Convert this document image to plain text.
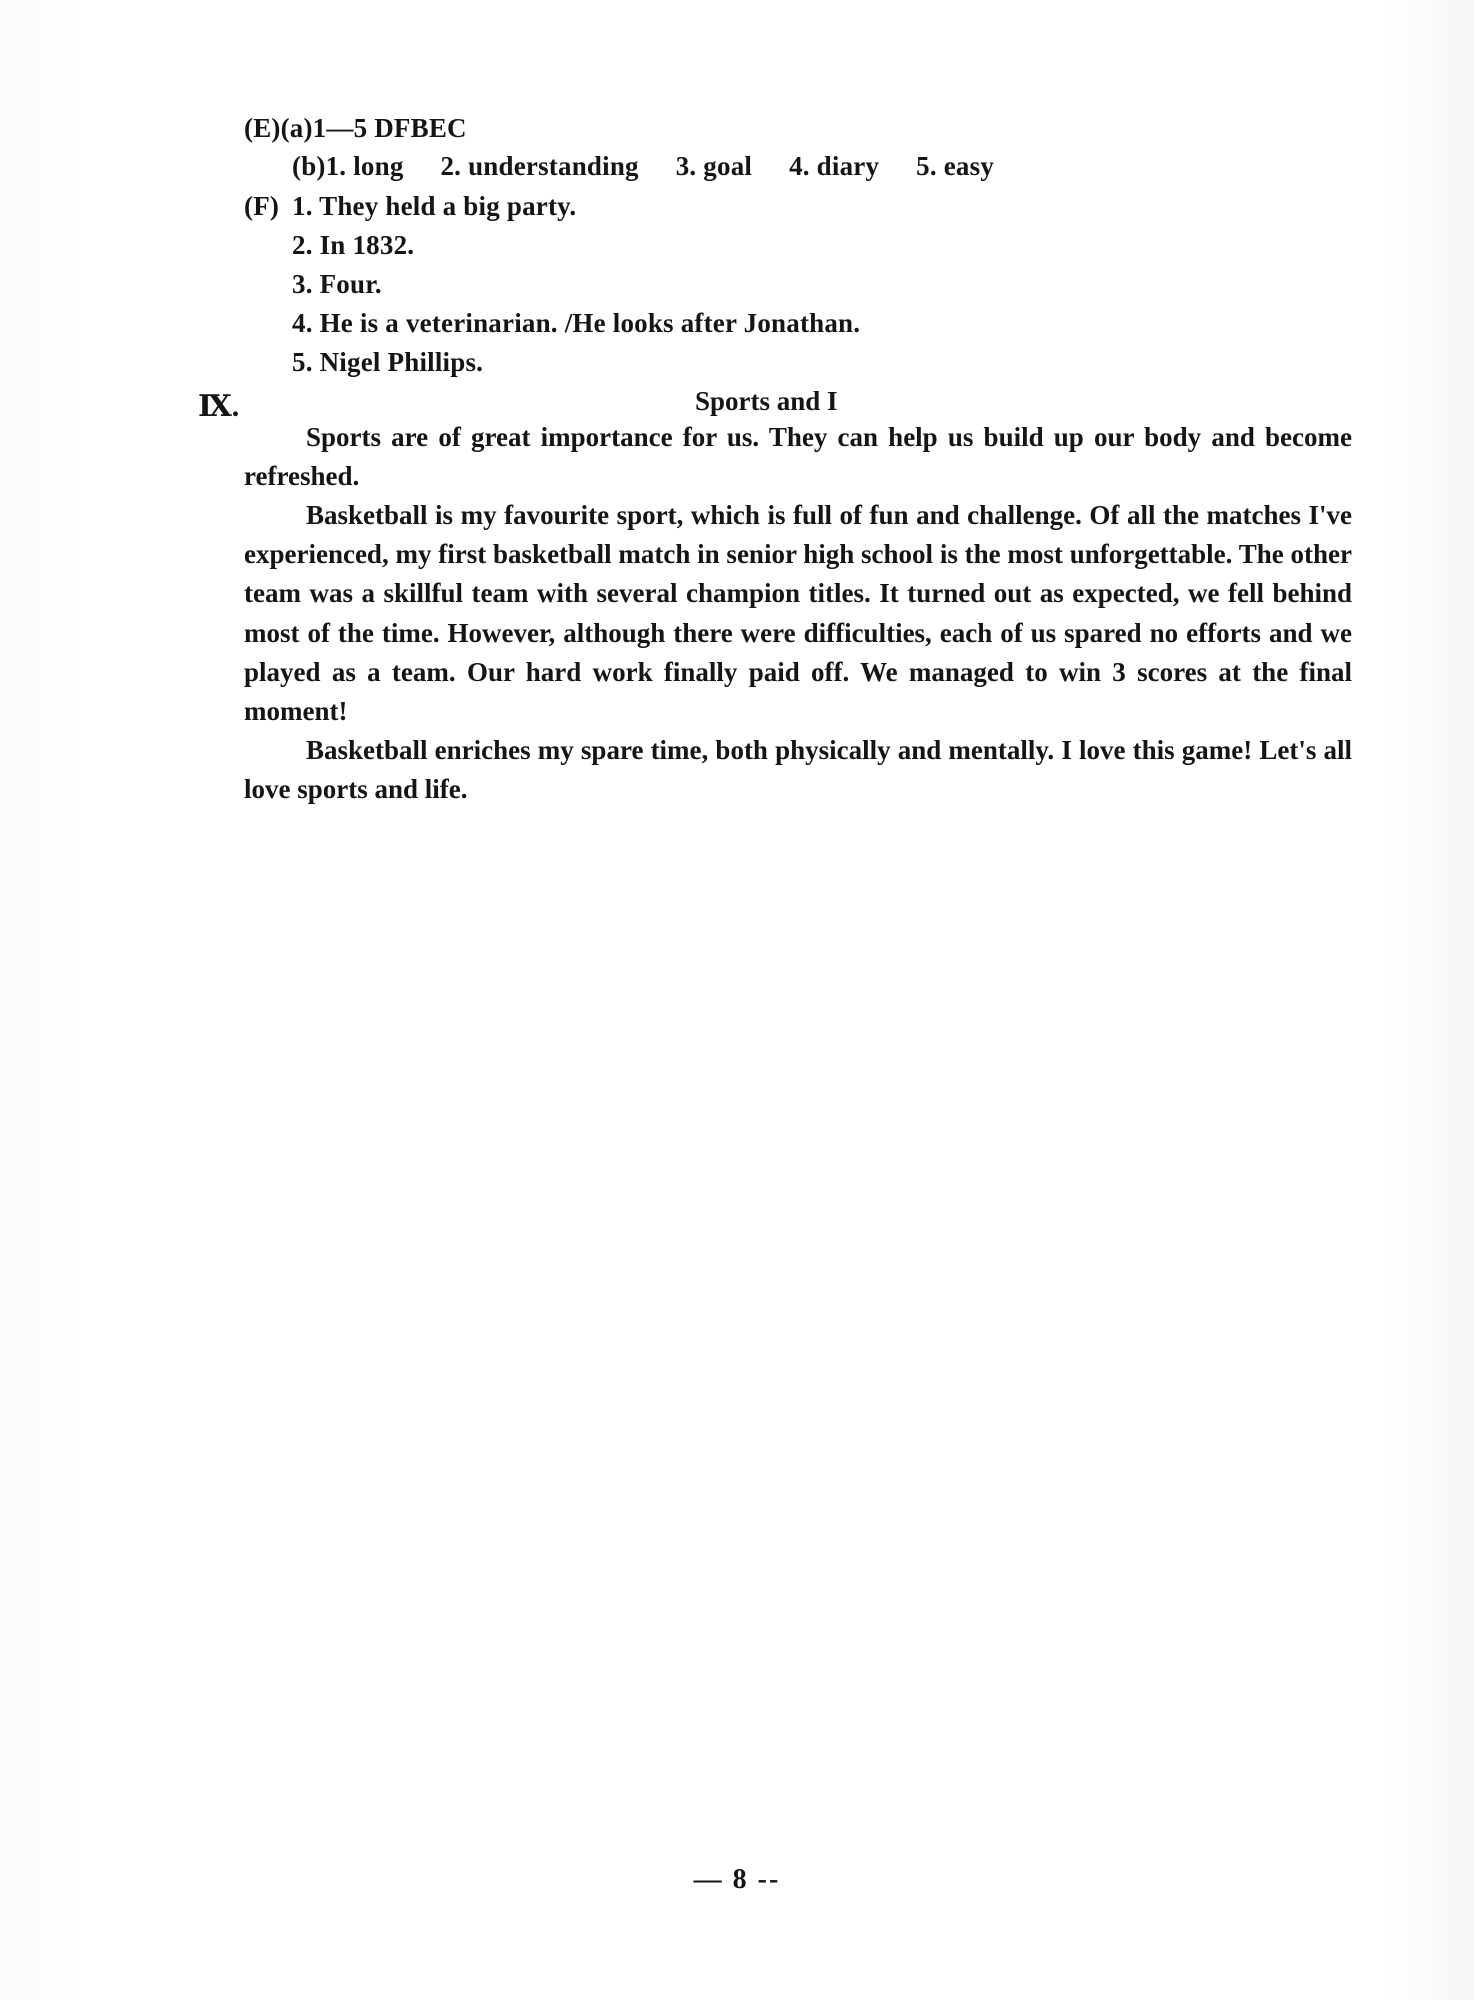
(E)(a)1—5 DFBEC
(b)1. long 2. understanding 3. goal 4. diary 5. easy
(F) 1. They held a big party.
2. In 1832.
3. Four.
4. He is a veterinarian. /He looks after Jonathan.
5. Nigel Phillips.
Ⅸ.	Sports and I

Sports are of great importance for us. They can help us build up our body and become refreshed.

Basketball is my favourite sport, which is full of fun and challenge. Of all the matches I've experienced, my first basketball match in senior high school is the most unforgettable. The other team was a skillful team with several champion titles. It turned out as expected, we fell behind most of the time. However, although there were difficulties, each of us spared no efforts and we played as a team. Our hard work finally paid off. We managed to win 3 scores at the final moment!

Basketball enriches my spare time, both physically and mentally. I love this game! Let's all love sports and life.

— 8 --
